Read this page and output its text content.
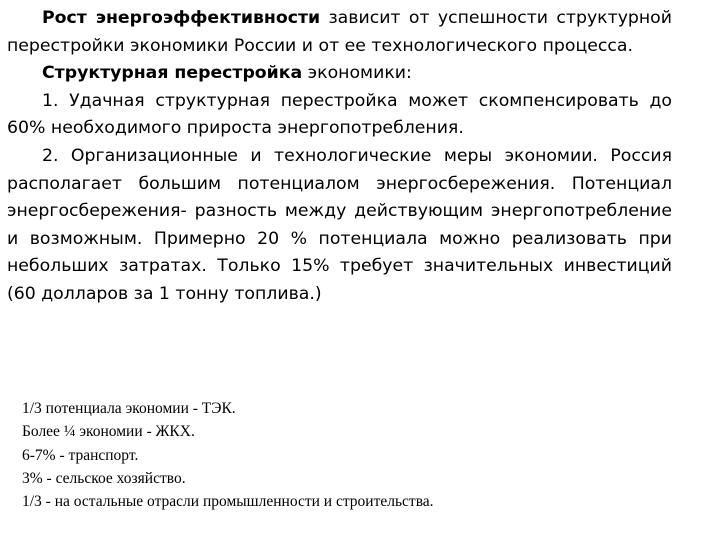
Рост энергоэффективности зависит от успешности структурной перестройки экономики России и от ее технологического процесса.

Структурная перестройка экономики:

1. Удачная структурная перестройка может скомпенсировать до 60% необходимого прироста энергопотребления.

2. Организационные и технологические меры экономии. Россия располагает большим потенциалом энергосбережения. Потенциал энергосбережения- разность между действующим энергопотребление и возможным. Примерно 20 % потенциала можно реализовать при небольших затратах. Только 15% требует значительных инвестиций (60 долларов за 1 тонну топлива.)

1/3 потенциала экономии - ТЭК.
Более ¼ экономии - ЖКХ.
6-7% - транспорт.
3% - сельское хозяйство.
1/3 - на остальные отрасли промышленности и строительства.
